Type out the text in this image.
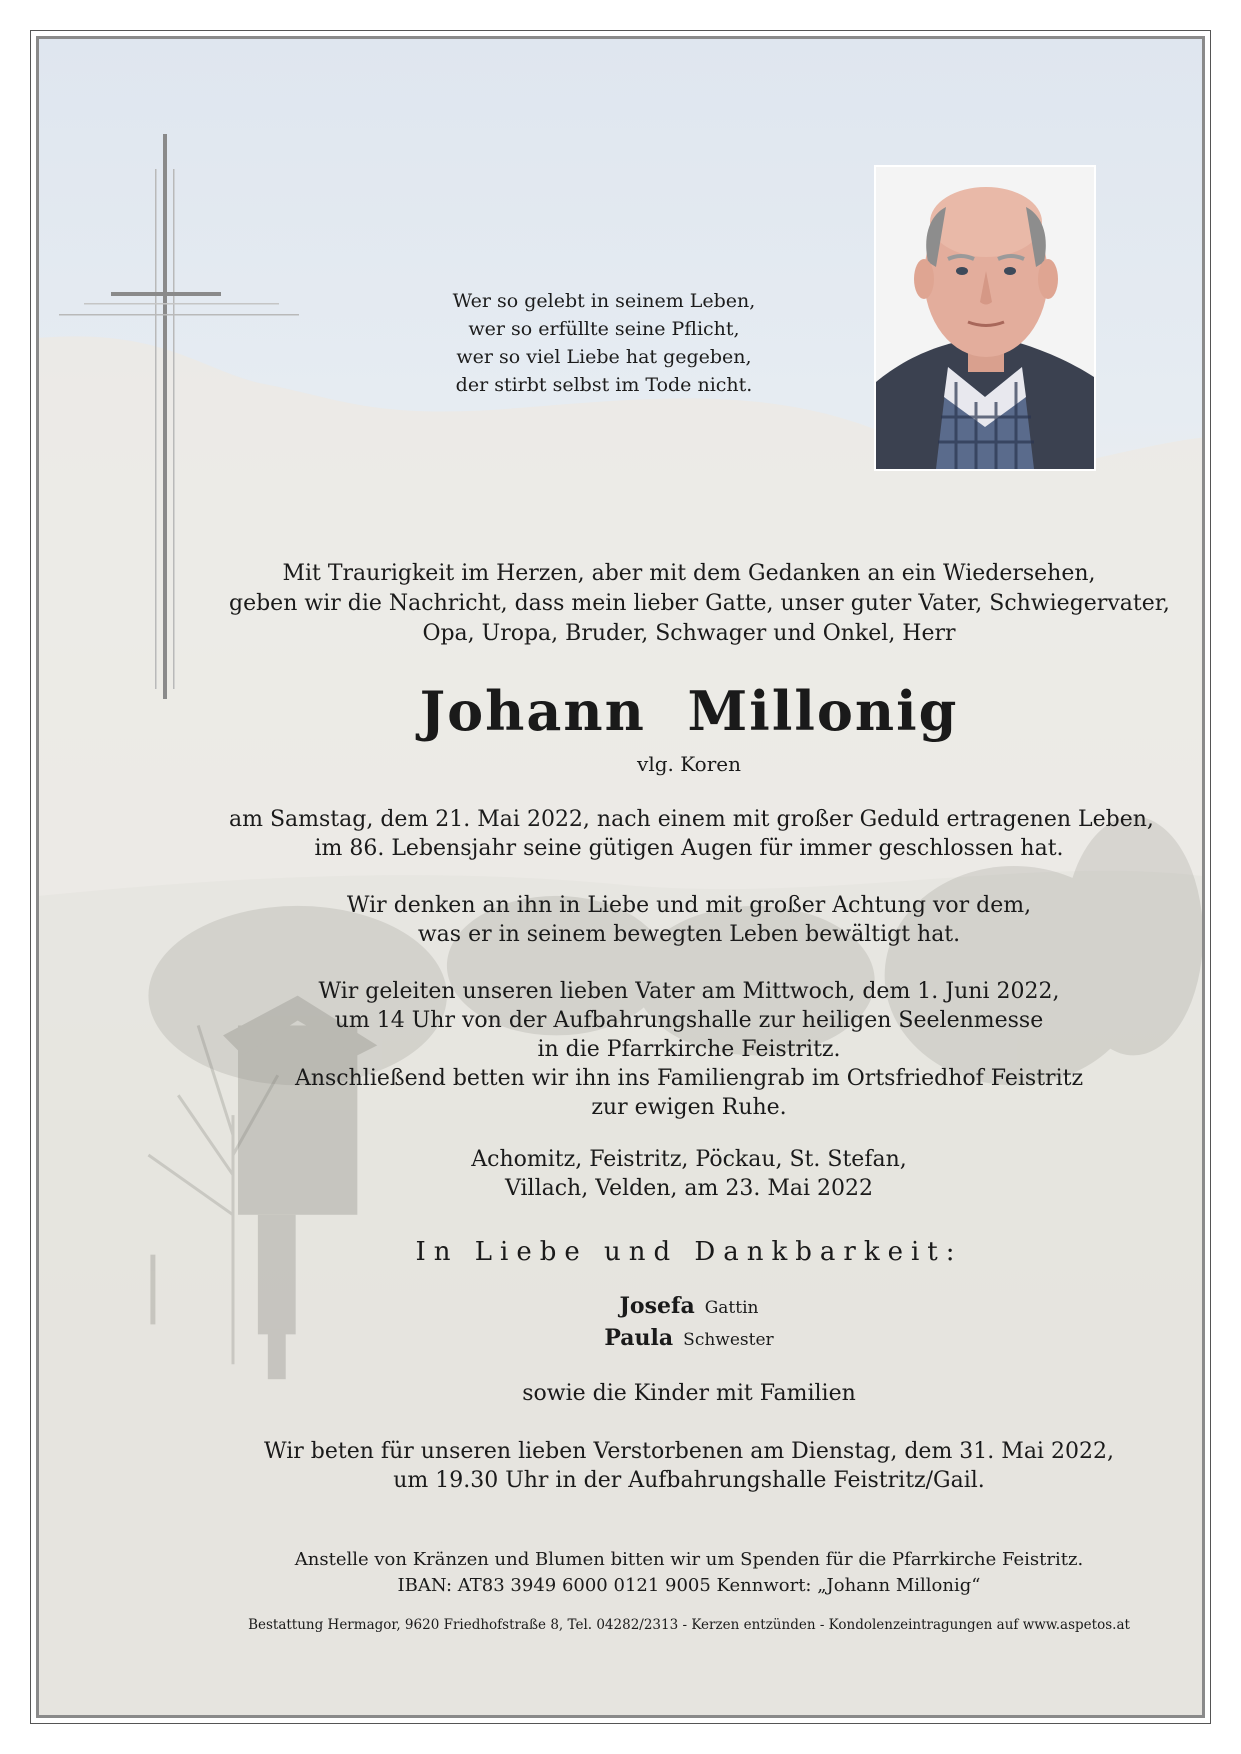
Wer so gelebt in seinem Leben,
wer so erfüllte seine Pflicht,
wer so viel Liebe hat gegeben,
der stirbt selbst im Tode nicht.
Mit Traurigkeit im Herzen, aber mit dem Gedanken an ein Wiedersehen,
geben wir die Nachricht, dass mein lieber Gatte, unser guter Vater, Schwiegervater,
Opa, Uropa, Bruder, Schwager und Onkel, Herr
Johann  Millonig
vlg. Koren
am Samstag, dem 21. Mai 2022, nach einem mit großer Geduld ertragenen Leben,
im 86. Lebensjahr seine gütigen Augen für immer geschlossen hat.
Wir denken an ihn in Liebe und mit großer Achtung vor dem,
was er in seinem bewegten Leben bewältigt hat.
Wir geleiten unseren lieben Vater am Mittwoch, dem 1. Juni 2022,
um 14 Uhr von der Aufbahrungshalle zur heiligen Seelenmesse
in die Pfarrkirche Feistritz.
Anschließend betten wir ihn ins Familiengrab im Ortsfriedhof Feistritz
zur ewigen Ruhe.
Achomitz, Feistritz, Pöckau, St. Stefan,
Villach, Velden, am 23. Mai 2022
In Liebe und Dankbarkeit:
Josefa Gattin
Paula Schwester
sowie die Kinder mit Familien
Wir beten für unseren lieben Verstorbenen am Dienstag, dem 31. Mai 2022,
um 19.30 Uhr in der Aufbahrungshalle Feistritz/Gail.
Anstelle von Kränzen und Blumen bitten wir um Spenden für die Pfarrkirche Feistritz.
IBAN: AT83 3949 6000 0121 9005 Kennwort: „Johann Millonig“
Bestattung Hermagor, 9620 Friedhofstraße 8, Tel. 04282/2313 - Kerzen entzünden - Kondolenzeintragungen auf www.aspetos.at
